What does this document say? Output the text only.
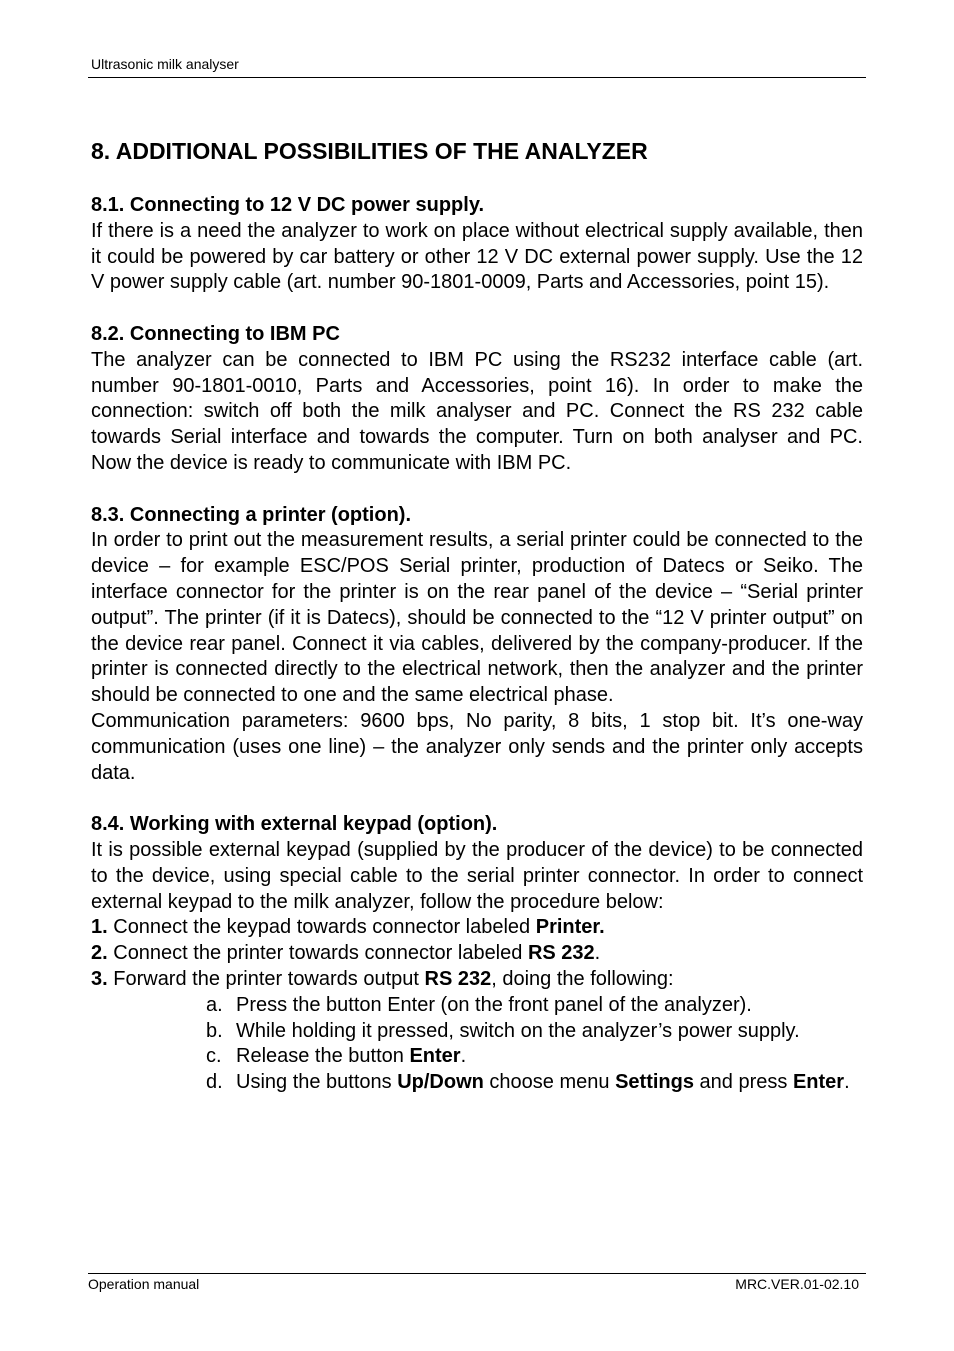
Ultrasonic milk analyser
8. ADDITIONAL POSSIBILITIES OF THE ANALYZER
8.1. Connecting to 12 V DC power supply.

If there is a need the analyzer to work on place without electrical supply available, then it could be powered by car battery or other 12 V DC external power supply. Use the 12 V power supply cable (art. number 90-1801-0009, Parts and Accessories, point 15).

8.2. Connecting to IBM PC

The analyzer can be connected to IBM PC using the RS232 interface cable (art. number 90-1801-0010, Parts and Accessories, point 16). In order to make the connection: switch off both the milk analyser and PC. Connect the RS 232 cable towards Serial interface and towards the computer. Turn on both analyser and PC. Now the device is ready to communicate with IBM PC.

8.3. Connecting a printer (option).

In order to print out the measurement results, a serial printer could be connected to the device – for example ESC/POS Serial printer, production of Datecs or Seiko. The interface connector for the printer is on the rear panel of the device – “Serial printer output”. The printer (if it is Datecs), should be connected to the “12 V printer output” on the device rear panel. Connect it via cables, delivered by the company-producer. If the printer is connected directly to the electrical network, then the analyzer and the printer should be connected to one and the same electrical phase.

Communication parameters: 9600 bps, No parity, 8 bits, 1 stop bit. It’s one-way communication (uses one line) – the analyzer only sends and the printer only accepts data.

8.4. Working with external keypad (option).

It is possible external keypad (supplied by the producer of the device) to be connected to the device, using special cable to the serial printer connector. In order to connect external keypad to the milk analyzer, follow the procedure below:

1. Connect the keypad towards connector labeled Printer.
2. Connect the printer towards connector labeled RS 232.
3. Forward the printer towards output RS 232, doing the following:
a. Press the button Enter (on the front panel of the analyzer).
b. While holding it pressed, switch on the analyzer’s power supply.
c. Release the button Enter.
d. Using the buttons Up/Down choose menu Settings and press Enter.
Operation manual	MRC.VER.01-02.10
